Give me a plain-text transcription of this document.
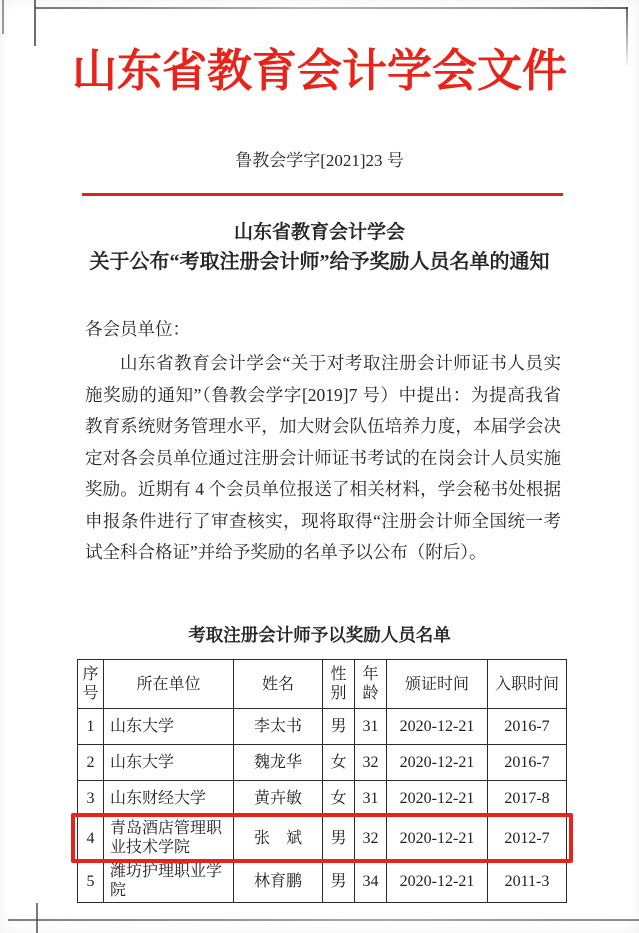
山东省教育会计学会文件
鲁教会学字[2021]23 号
山东省教育会计学会
关于公布“考取注册会计师”给予奖励人员名单的通知
各会员单位：
山东省教育会计学会“关于对考取注册会计师证书人员实施奖励的通知”（鲁教会学字[2019]7 号）中提出：为提高我省教育系统财务管理水平，加大财会队伍培养力度，本届学会决定对各会员单位通过注册会计师证书考试的在岗会计人员实施奖励。近期有 4 个会员单位报送了相关材料，学会秘书处根据申报条件进行了审查核实，现将取得“注册会计师全国统一考试全科合格证”并给予奖励的名单予以公布（附后）。
考取注册会计师予以奖励人员名单
序号	所在单位	姓名	性别	年龄	颁证时间	入职时间
1	山东大学	李太书	男	31	2020-12-21	2016-7
2	山东大学	魏龙华	女	32	2020-12-21	2016-7
3	山东财经大学	黄卉敏	女	31	2020-12-21	2017-8
4	青岛酒店管理职业技术学院	张　斌	男	32	2020-12-21	2012-7
5	潍坊护理职业学院	林育鹏	男	34	2020-12-21	2011-3
